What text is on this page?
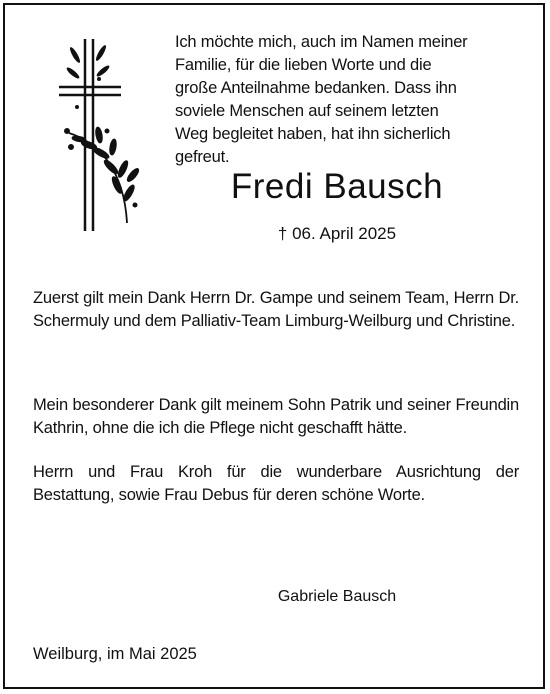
Ich möchte mich, auch im Namen meiner Familie, für die lieben Worte und die große Anteilnahme bedanken. Dass ihn soviele Menschen auf seinem letzten Weg begleitet haben, hat ihn sicherlich gefreut.

Fredi Bausch
† 06. April 2025
Zuerst gilt mein Dank Herrn Dr. Gampe und seinem Team, Herrn Dr. Schermuly und dem Palliativ-Team Limburg-Weilburg und Christine.
Mein besonderer Dank gilt meinem Sohn Patrik und seiner Freundin Kathrin, ohne die ich die Pflege nicht geschafft hätte.
Herrn und Frau Kroh für die wunderbare Ausrichtung der Bestattung, sowie Frau Debus für deren schöne Worte.
Gabriele Bausch
Weilburg, im Mai 2025
